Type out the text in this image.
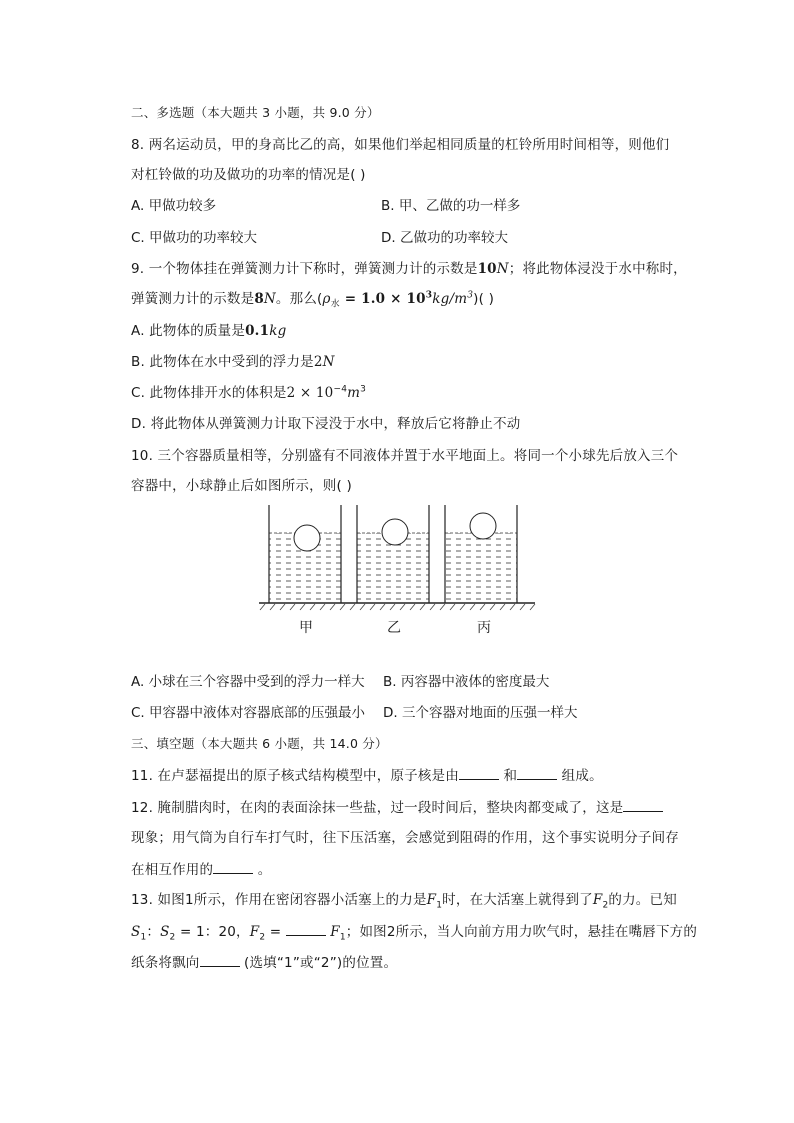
二、多选题（本大题共 3 小题，共 9.0 分）
8. 两名运动员，甲的身高比乙的高，如果他们举起相同质量的杠铃所用时间相等，则他们
对杠铃做的功及做功的功率的情况是( )
A. 甲做功较多	B. 甲、乙做的功一样多
C. 甲做功的功率较大	D. 乙做功的功率较大
9. 一个物体挂在弹簧测力计下称时，弹簧测力计的示数是10N；将此物体浸没于水中称时，
弹簧测力计的示数是8N。那么$(\rho_水 = 1.0 \times 10^3kg/m^3)$( )
A. 此物体的质量是0.1kg
B. 此物体在水中受到的浮力是2N
C. 此物体排开水的体积是$2 \times 10^{-4}m^3$
D. 将此物体从弹簧测力计取下浸没于水中，释放后它将静止不动
10. 三个容器质量相等，分别盛有不同液体并置于水平地面上。将同一个小球先后放入三个
容器中，小球静止后如图所示，则( )
甲	乙	丙
A. 小球在三个容器中受到的浮力一样大 B. 丙容器中液体的密度最大
C. 甲容器中液体对容器底部的压强最小 D. 三个容器对地面的压强一样大
三、填空题（本大题共 6 小题，共 14.0 分）
11. 在卢瑟福提出的原子核式结构模型中，原子核是由	和	组成。
12. 腌制腊肉时，在肉的表面涂抹一些盐，过一段时间后，整块肉都变咸了，这是
现象；用气筒为自行车打气时，往下压活塞，会感觉到阻碍的作用，这个事实说明分子间存
在相互作用的	。
13. 如图1所示，作用在密闭容器小活塞上的力是$F_1$时，在大活塞上就得到了$F_2$的力。已知
$S_1$：$S_2 = 1$：20，$F_2$ =	$F_1$；如图2所示，当人向前方用力吹气时，悬挂在嘴唇下方的
纸条将飘向	(选填“1”或“2”)的位置。
